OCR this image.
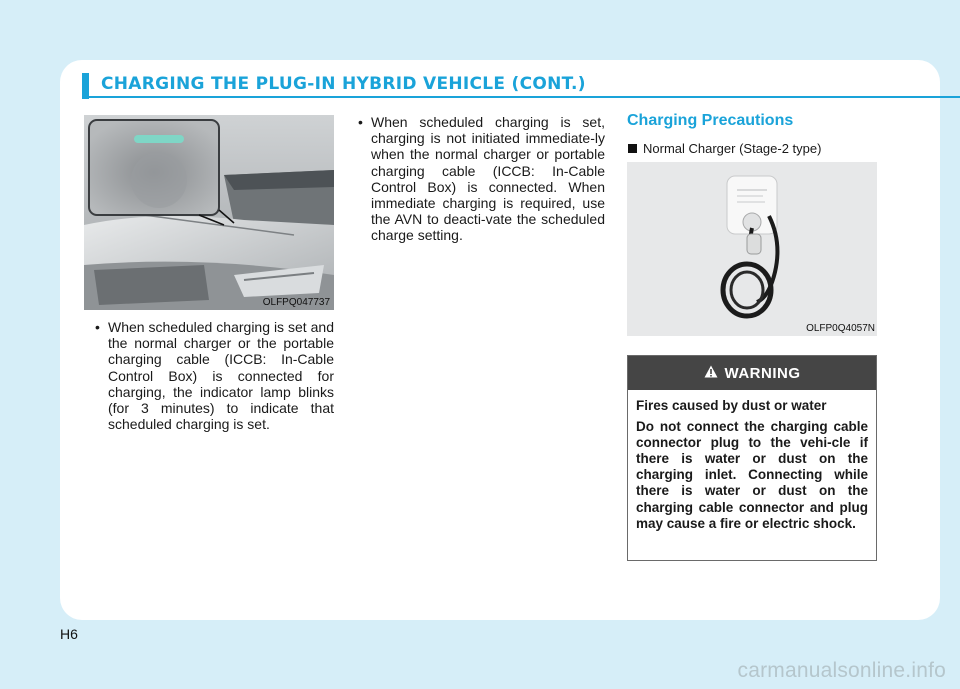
CHARGING THE PLUG-IN HYBRID VEHICLE (CONT.)
OLFPQ047737
• When scheduled charging is set and the normal charger or the portable charging cable (ICCB: In-Cable Control Box) is connected for charging, the indicator lamp blinks (for 3 minutes) to indicate that scheduled charging is set.
• When scheduled charging is set, charging is not initiated immediate-ly when the normal charger or portable charging cable (ICCB: In-Cable Control Box) is connected. When immediate charging is required, use the AVN to deacti-vate the scheduled charge setting.
Charging Precautions
Normal Charger (Stage-2 type)
OLFP0Q4057N
WARNING
Fires caused by dust or water
Do not connect the charging cable connector plug to the vehi-cle if there is water or dust on the charging inlet. Connecting while there is water or dust on the charging cable connector and plug may cause a fire or electric shock.
H6
carmanualsonline.info
